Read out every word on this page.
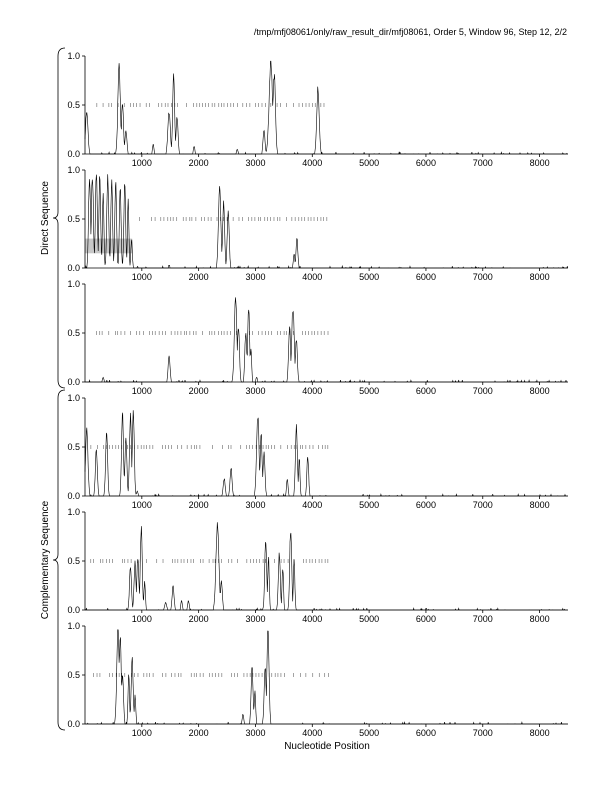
/tmp/mfj08061/only/raw_result_dir/mfj08061, Order 5, Window 96, Step 12, 2/2
0.0
0.5
1.0
1000	2000	3000	4000	5000	6000	7000	8000
0.0
0.5
1.0
1000	2000	3000	4000	5000	6000	7000	8000
0.0
0.5
1.0
1000	2000	3000	4000	5000	6000	7000	8000
0.0
0.5
1.0
1000	2000	3000	4000	5000	6000	7000	8000
0.0
0.5
1.0
1000	2000	3000	4000	5000	6000	7000	8000
0.0
0.5
1.0
1000	2000	3000	4000	5000	6000	7000	8000
Direct Sequence
Complementary Sequence
Nucleotide Position
